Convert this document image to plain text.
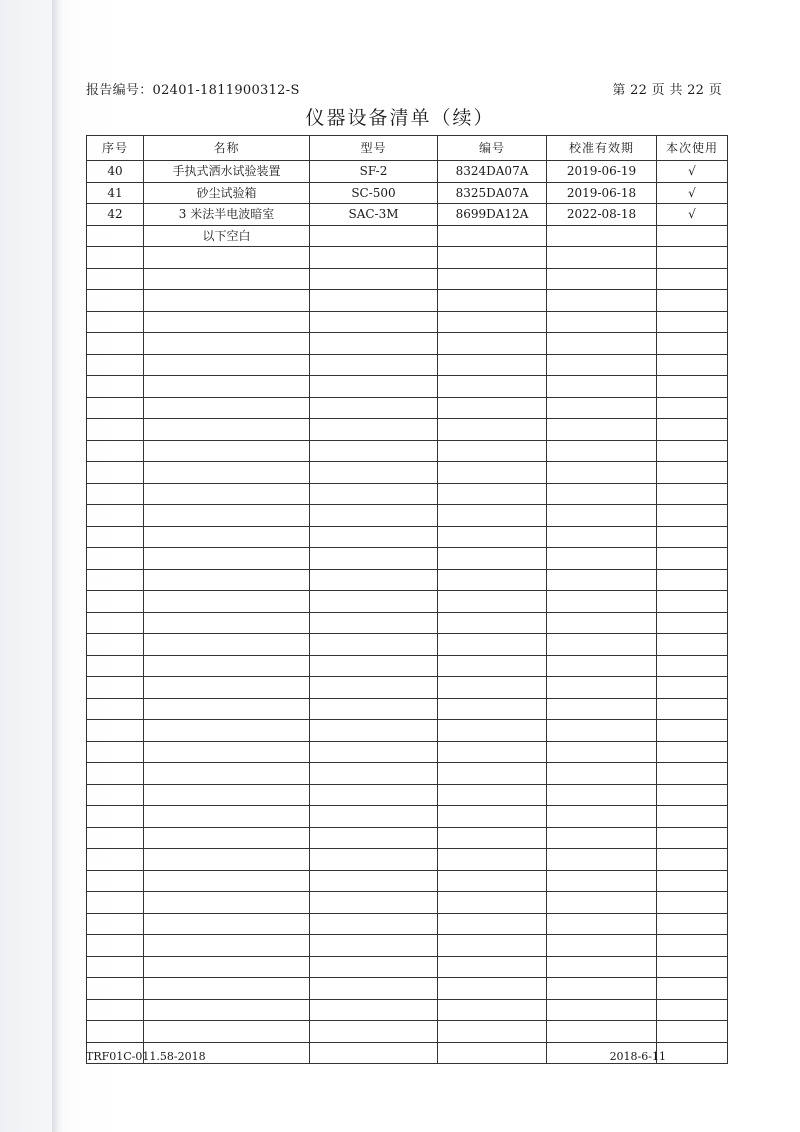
报告编号：02401-1811900312-S	第 22 页 共 22 页
仪器设备清单（续）
序号	名称	型号	编号	校准有效期	本次使用
40	手执式洒水试验装置	SF-2	8324DA07A	2019-06-19	√
41	砂尘试验箱	SC-500	8325DA07A	2019-06-18	√
42	3 米法半电波暗室	SAC-3M	8699DA12A	2022-08-18	√
	以下空白				

TRF01C-011.58-2018	2018-6-11
